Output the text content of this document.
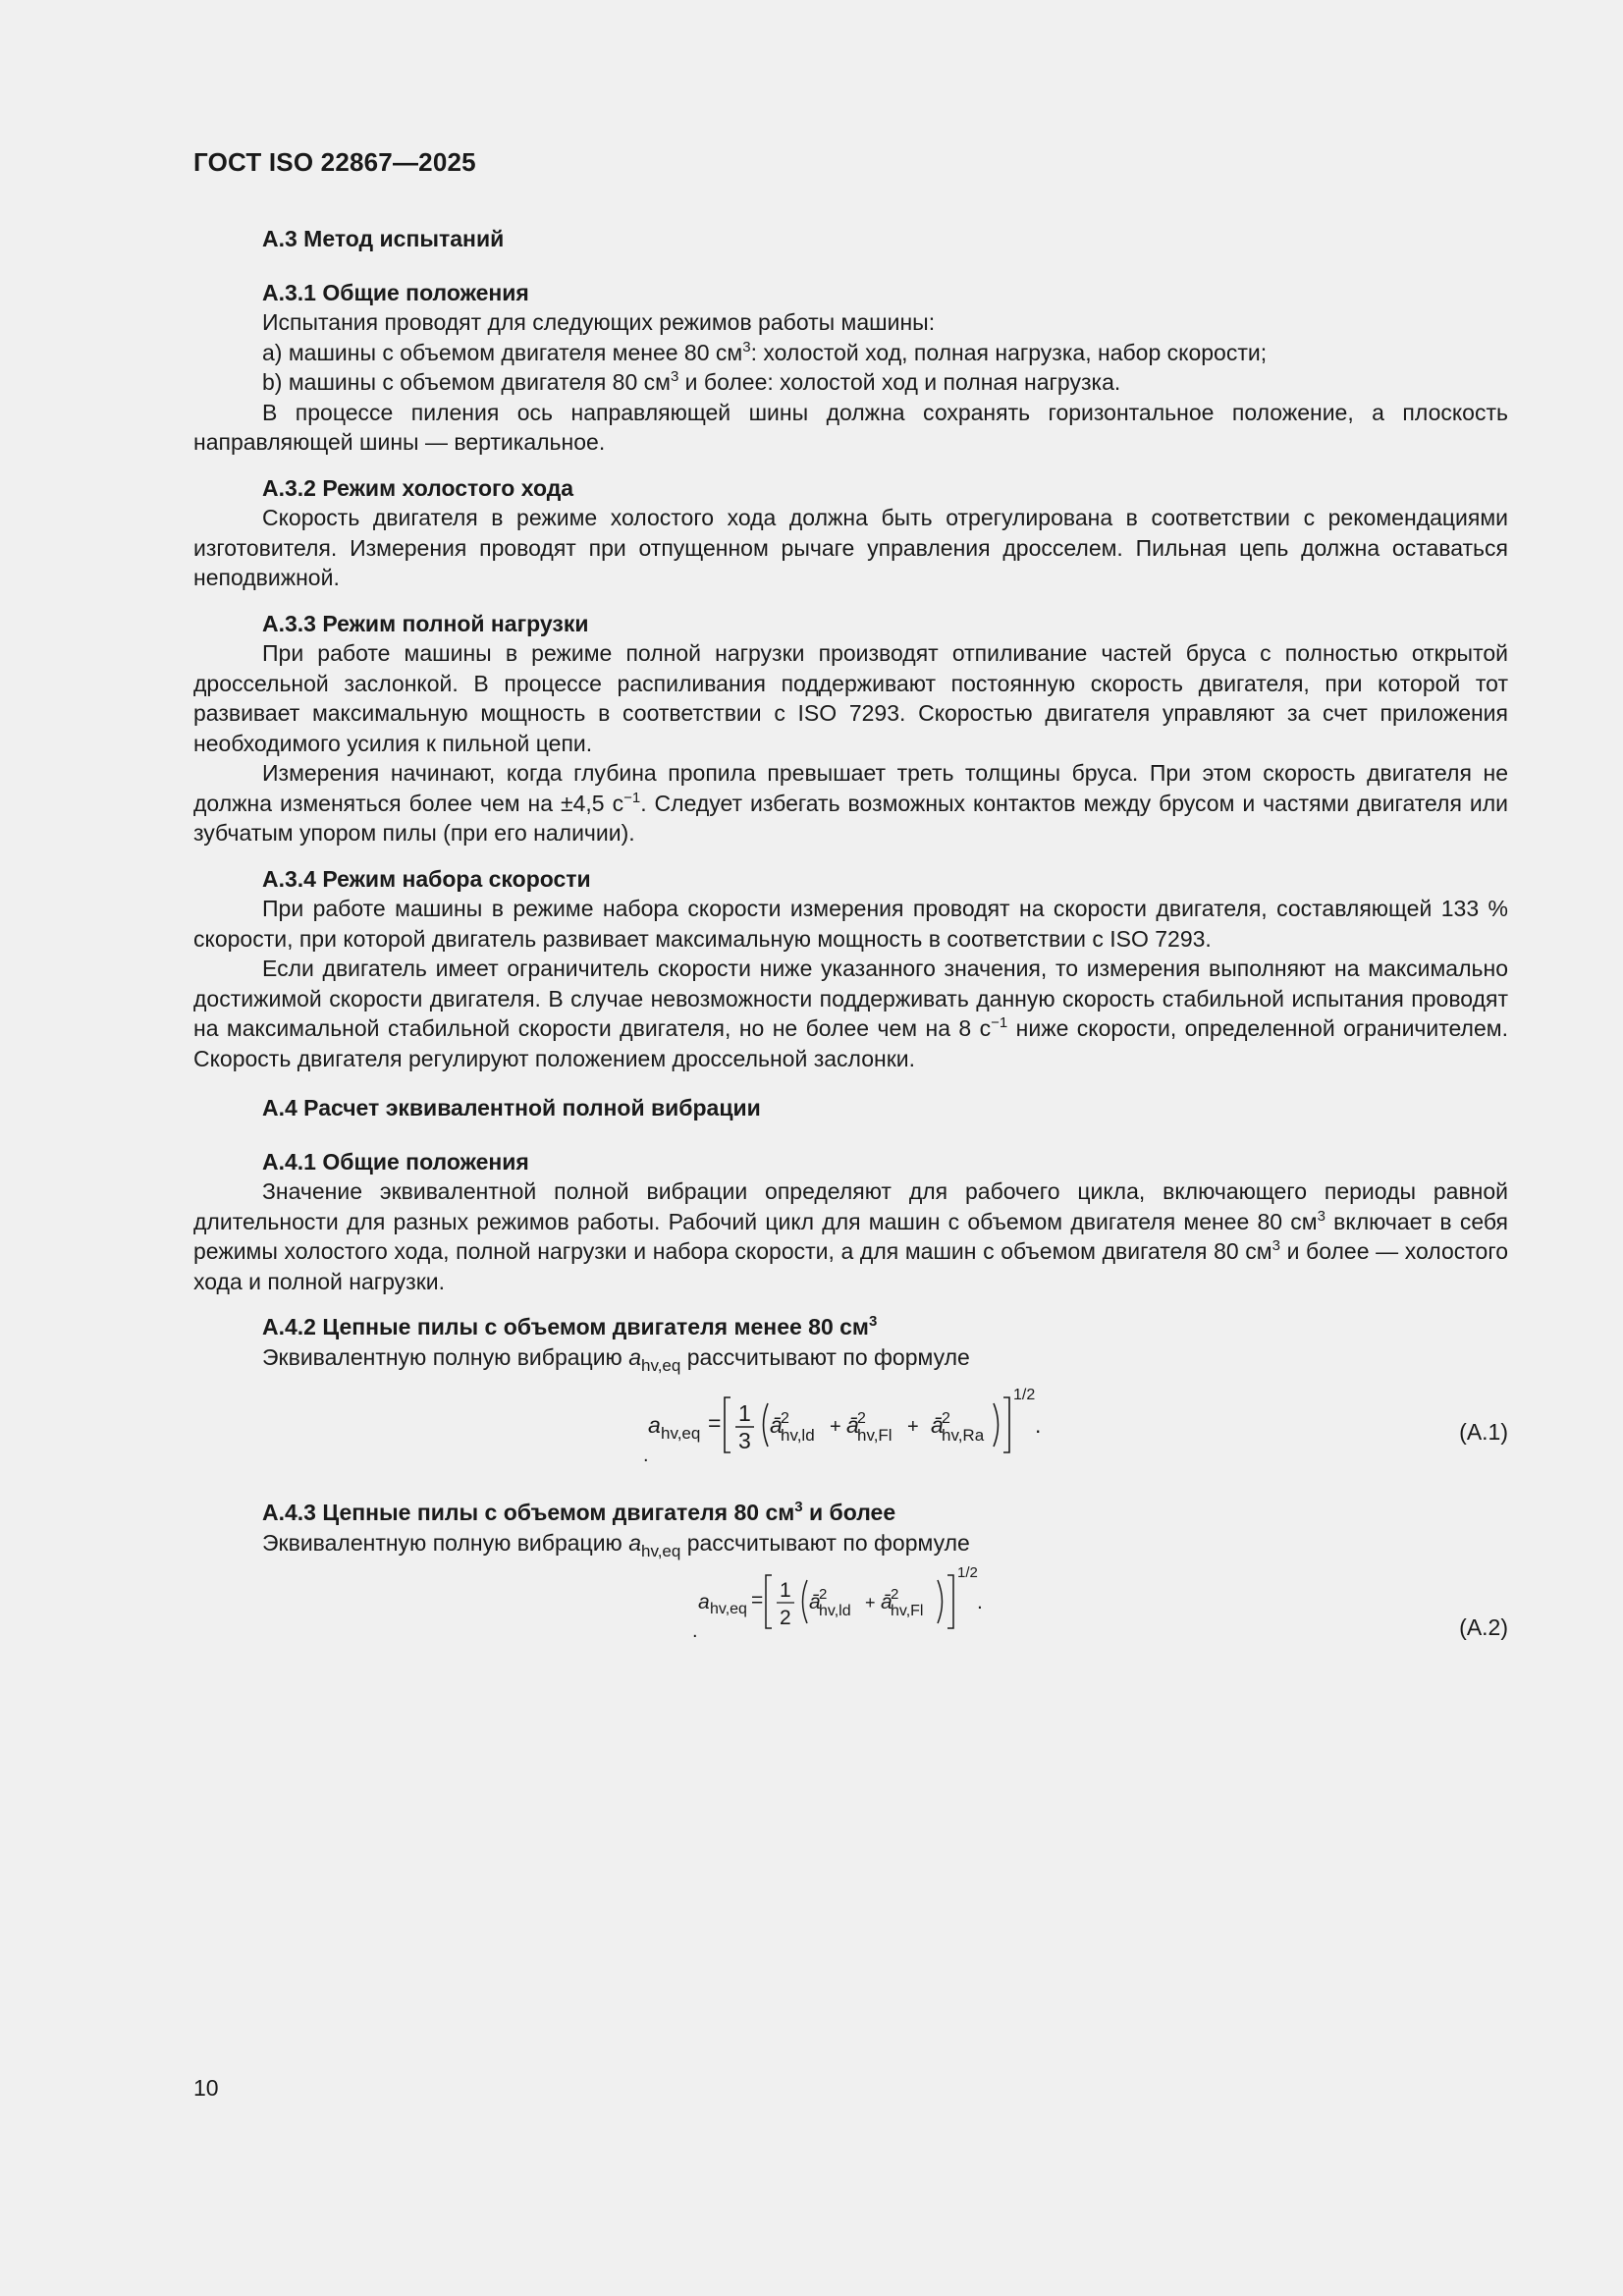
ГОСТ ISO 22867—2025
А.3 Метод испытаний
А.3.1 Общие положения

Испытания проводят для следующих режимов работы машины:

a) машины с объемом двигателя менее 80 $см^3$: холостой ход, полная нагрузка, набор скорости;

b) машины с объемом двигателя 80 $см^3$ и более: холостой ход и полная нагрузка.

В процессе пиления ось направляющей шины должна сохранять горизонтальное положение, а плоскость направляющей шины — вертикальное.

А.3.2 Режим холостого хода

Скорость двигателя в режиме холостого хода должна быть отрегулирована в соответствии с рекомендациями изготовителя. Измерения проводят при отпущенном рычаге управления дросселем. Пильная цепь должна оставаться неподвижной.

А.3.3 Режим полной нагрузки

При работе машины в режиме полной нагрузки производят отпиливание частей бруса с полностью открытой дроссельной заслонкой. В процессе распиливания поддерживают постоянную скорость двигателя, при которой тот развивает максимальную мощность в соответствии с ISO 7293. Скоростью двигателя управляют за счет приложения необходимого усилия к пильной цепи.

Измерения начинают, когда глубина пропила превышает треть толщины бруса. При этом скорость двигателя не должна изменяться более чем на ±4,5 $с^{-1}$. Следует избегать возможных контактов между брусом и частями двигателя или зубчатым упором пилы (при его наличии).

А.3.4 Режим набора скорости

При работе машины в режиме набора скорости измерения проводят на скорости двигателя, составляющей 133 % скорости, при которой двигатель развивает максимальную мощность в соответствии с ISO 7293.

Если двигатель имеет ограничитель скорости ниже указанного значения, то измерения выполняют на максимально достижимой скорости двигателя. В случае невозможности поддерживать данную скорость стабильной испытания проводят на максимальной стабильной скорости двигателя, но не более чем на 8 $с^{-1}$ ниже скорости, определенной ограничителем. Скорость двигателя регулируют положением дроссельной заслонки.

А.4 Расчет эквивалентной полной вибрации
А.4.1 Общие положения

Значение эквивалентной полной вибрации определяют для рабочего цикла, включающего периоды равной длительности для разных режимов работы. Рабочий цикл для машин с объемом двигателя менее 80 $см^3$ включает в себя режимы холостого хода, полной нагрузки и набора скорости, а для машин с объемом двигателя 80 $см^3$ и более — холостого хода и полной нагрузки.

А.4.2 Цепные пилы с объемом двигателя менее 80 $см^3$

Эквивалентную полную вибрацию $a_{hv,eq}$ рассчитывают по формуле

a hv,eq = 1
3
ā
2
hv,ld + ā
2
hv,Fl + ā
2
hv,Ra
1/2
.	(А.1)
.
А.4.3 Цепные пилы с объемом двигателя 80 $см^3$ и более

Эквивалентную полную вибрацию $a_{hv,eq}$ рассчитывают по формуле

a hv,eq = 1
2
ā
2
hv,ld + ā
2
hv,Fl
1/2
.
(А.2)
.
10
